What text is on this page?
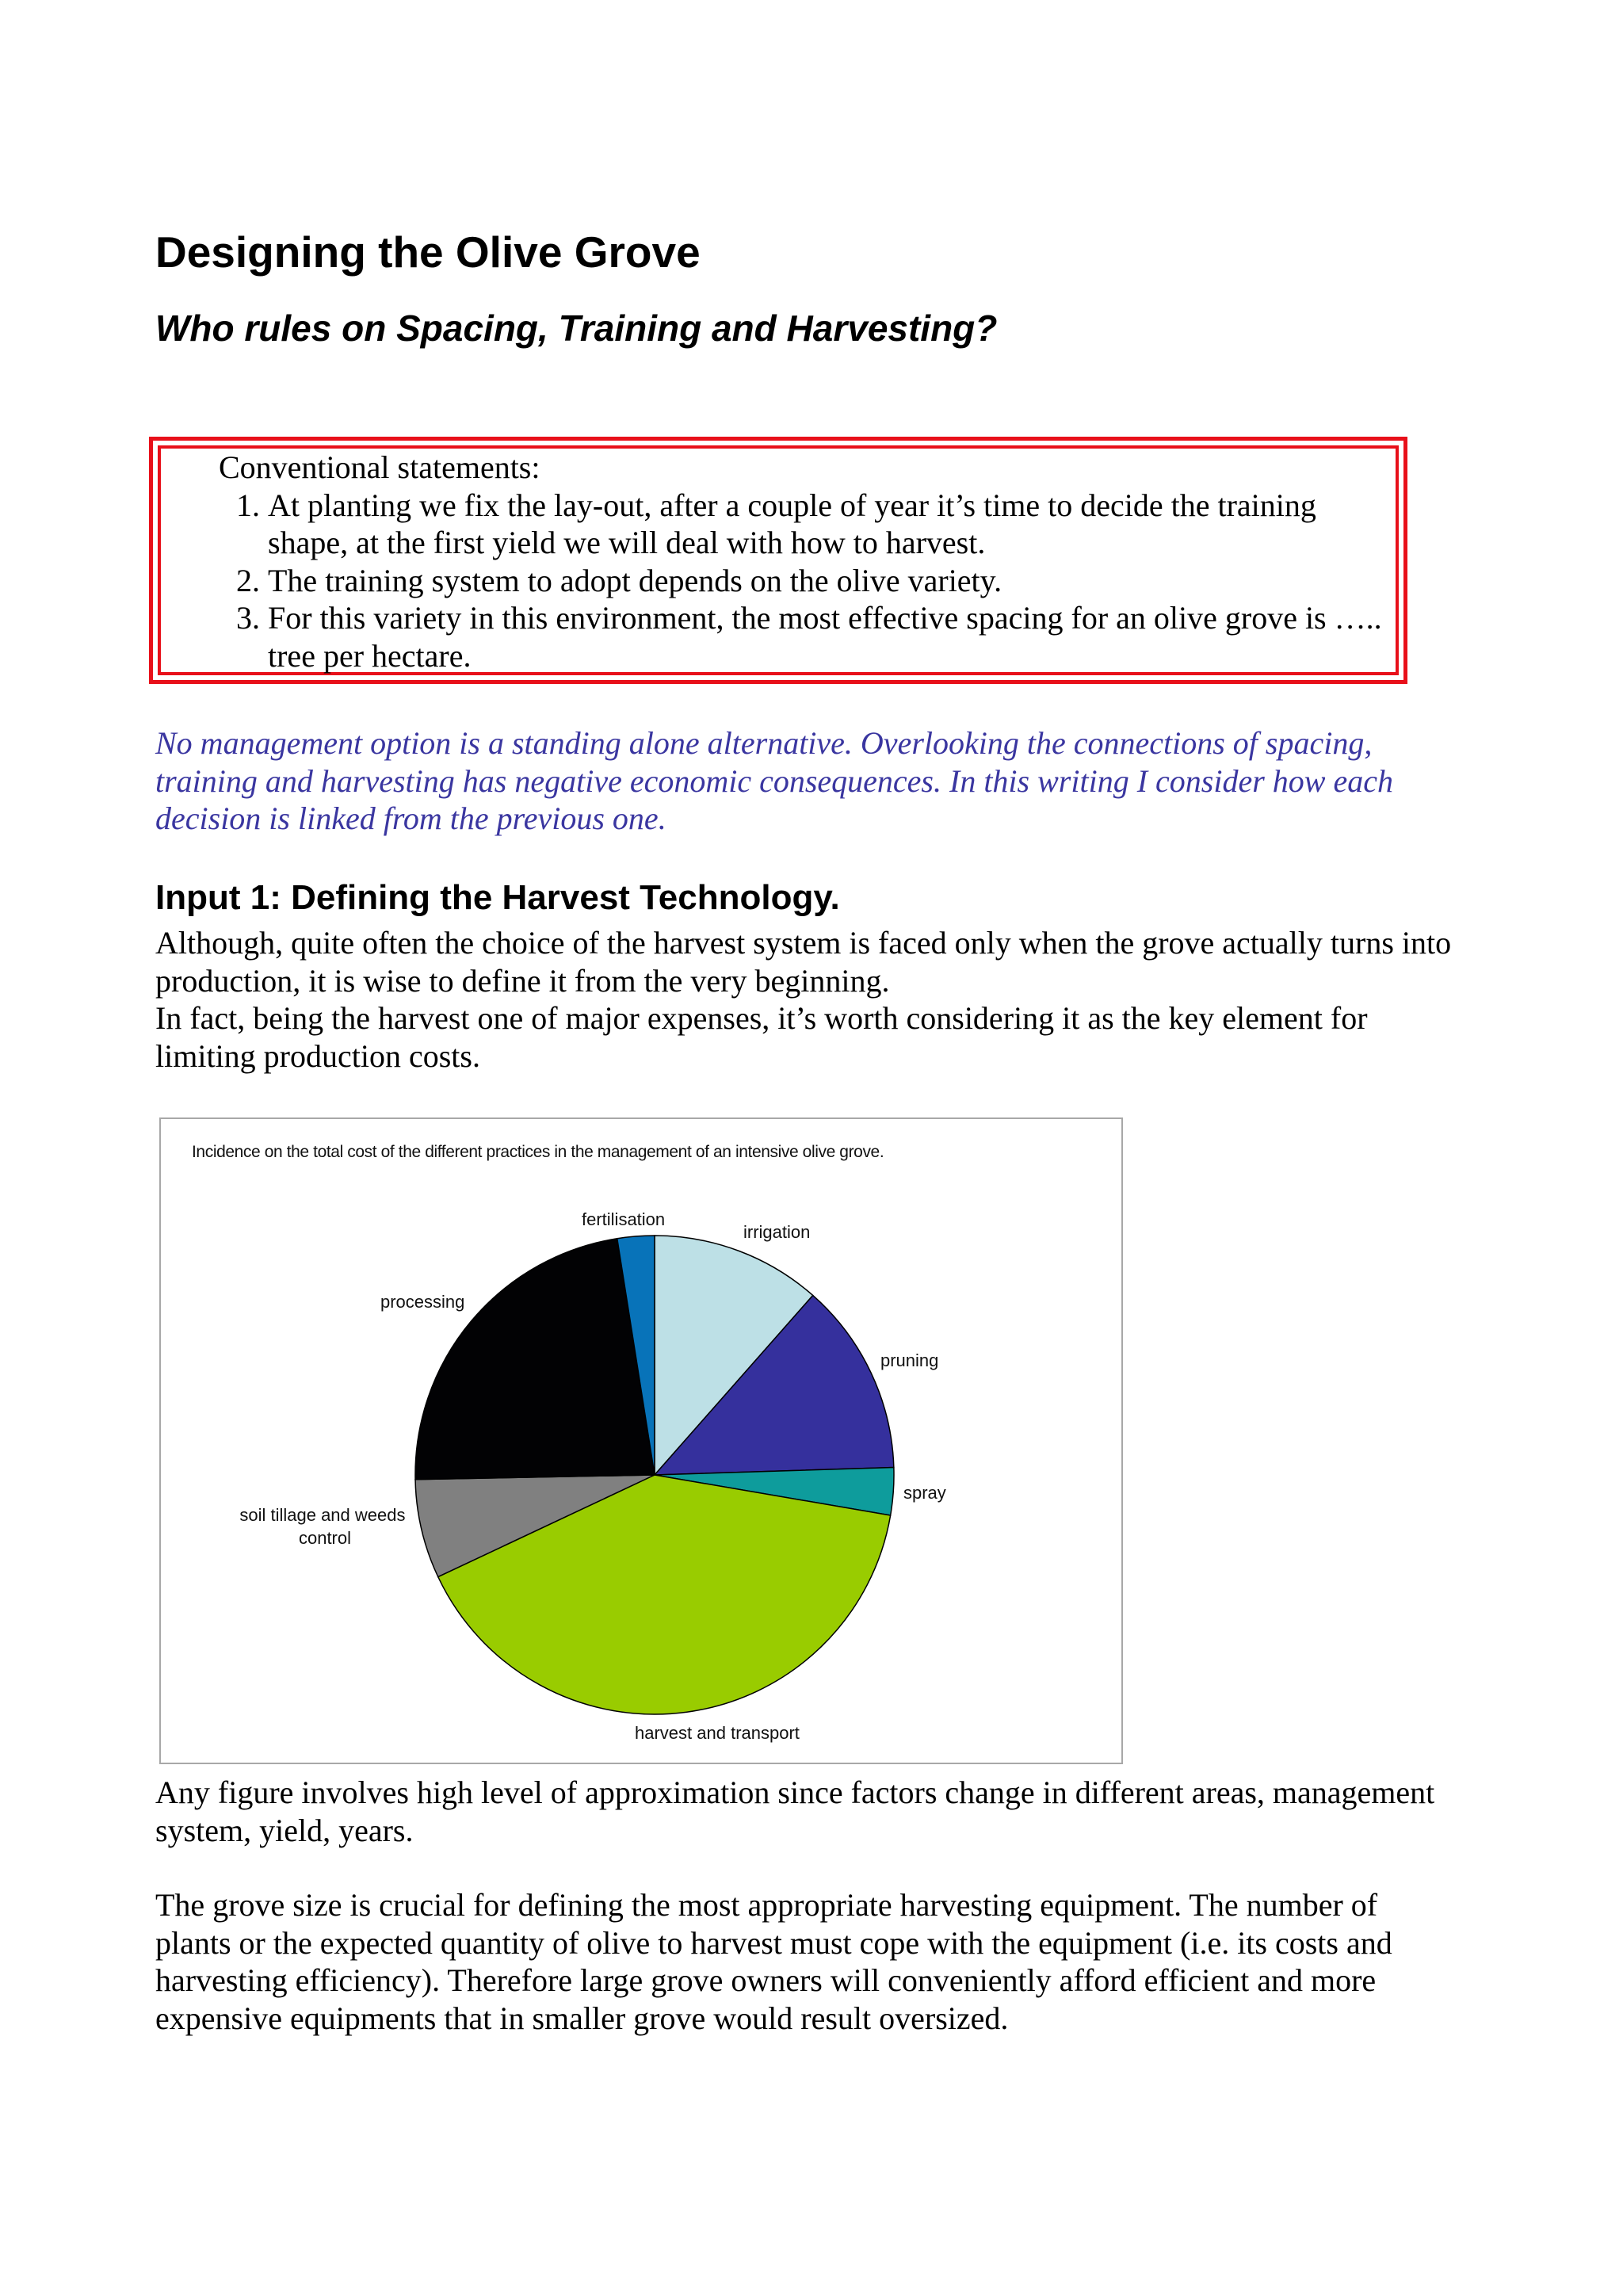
Designing the Olive Grove
Who rules on Spacing, Training and Harvesting?
Conventional statements:
1. At planting we fix the lay-out, after a couple of year it’s time to decide the training shape, at the first yield we will deal with how to harvest.
2. The training system to adopt depends on the olive variety.
3. For this variety in this environment, the most effective spacing for an olive grove is ….. tree per hectare.

No management option is a standing alone alternative. Overlooking the connections of spacing, training and harvesting has negative economic consequences. In this writing I consider how each decision is linked from the previous one.

Input 1: Defining the Harvest Technology.

Although, quite often the choice of the harvest system is faced only when the grove actually turns into production, it is wise to define it from the very beginning.

In fact, being the harvest one of major expenses, it’s worth considering it as the key element for limiting production costs.

Incidence on the total cost of the different practices in the management of an intensive olive grove.
fertilisation
irrigation
processing
pruning
spray
soil tillage and weeds control
harvest and transport

Any figure involves high level of approximation since factors change in different areas, management system, yield, years.

The grove size is crucial for defining the most appropriate harvesting equipment. The number of plants or the expected quantity of olive to harvest must cope with the equipment (i.e. its costs and harvesting efficiency). Therefore large grove owners will conveniently afford efficient and more expensive equipments that in smaller grove would result oversized.
